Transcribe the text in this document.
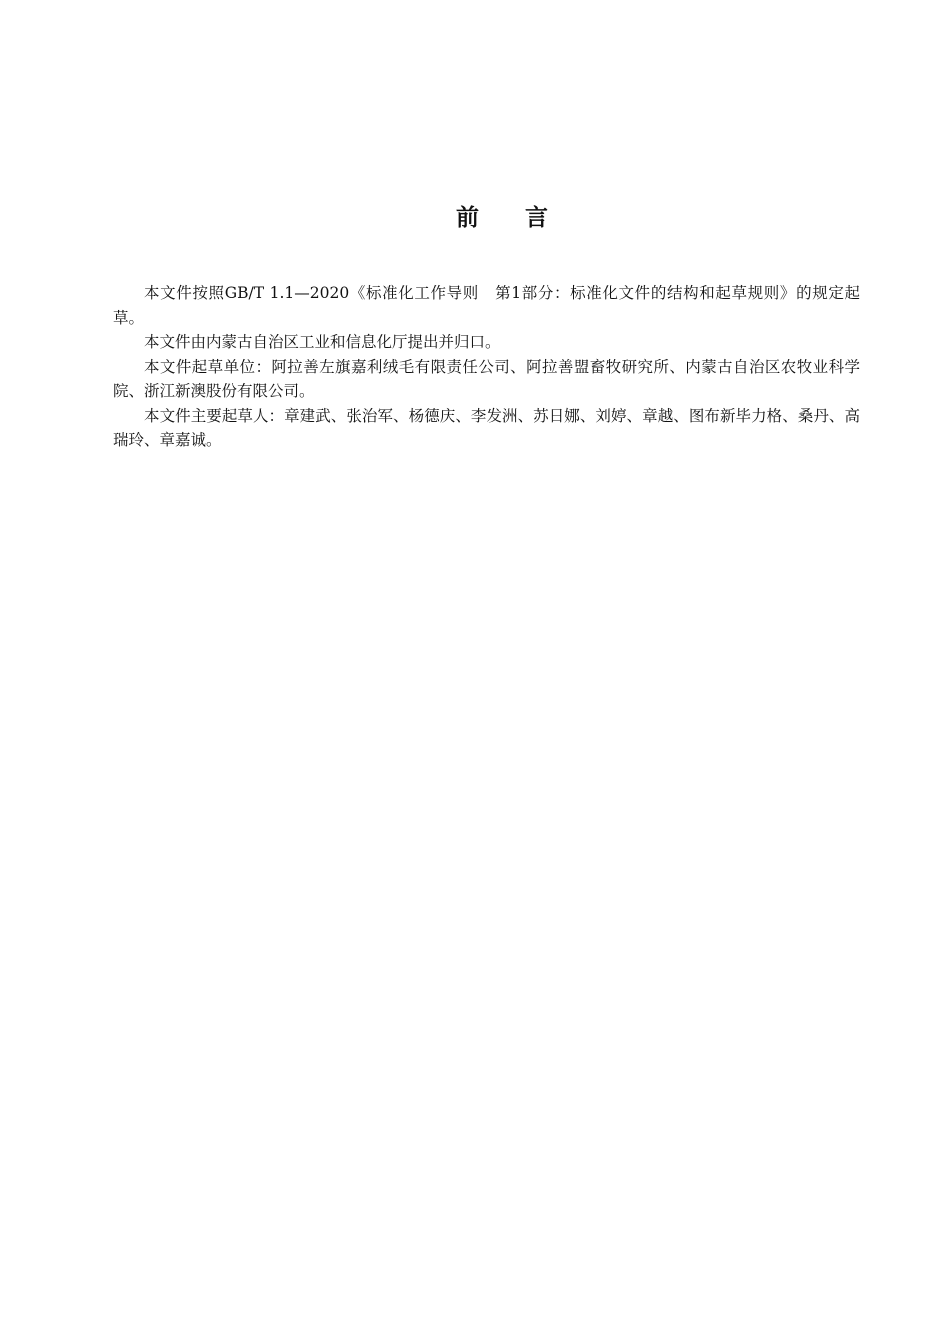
前　　言

本文件按照GB/T 1.1—2020《标准化工作导则　第1部分：标准化文件的结构和起草规则》的规定起草。

本文件由内蒙古自治区工业和信息化厅提出并归口。

本文件起草单位：阿拉善左旗嘉利绒毛有限责任公司、阿拉善盟畜牧研究所、内蒙古自治区农牧业科学院、浙江新澳股份有限公司。

本文件主要起草人：章建武、张治军、杨德庆、李发洲、苏日娜、刘婷、章越、图布新毕力格、桑丹、高瑞玲、章嘉诚。
